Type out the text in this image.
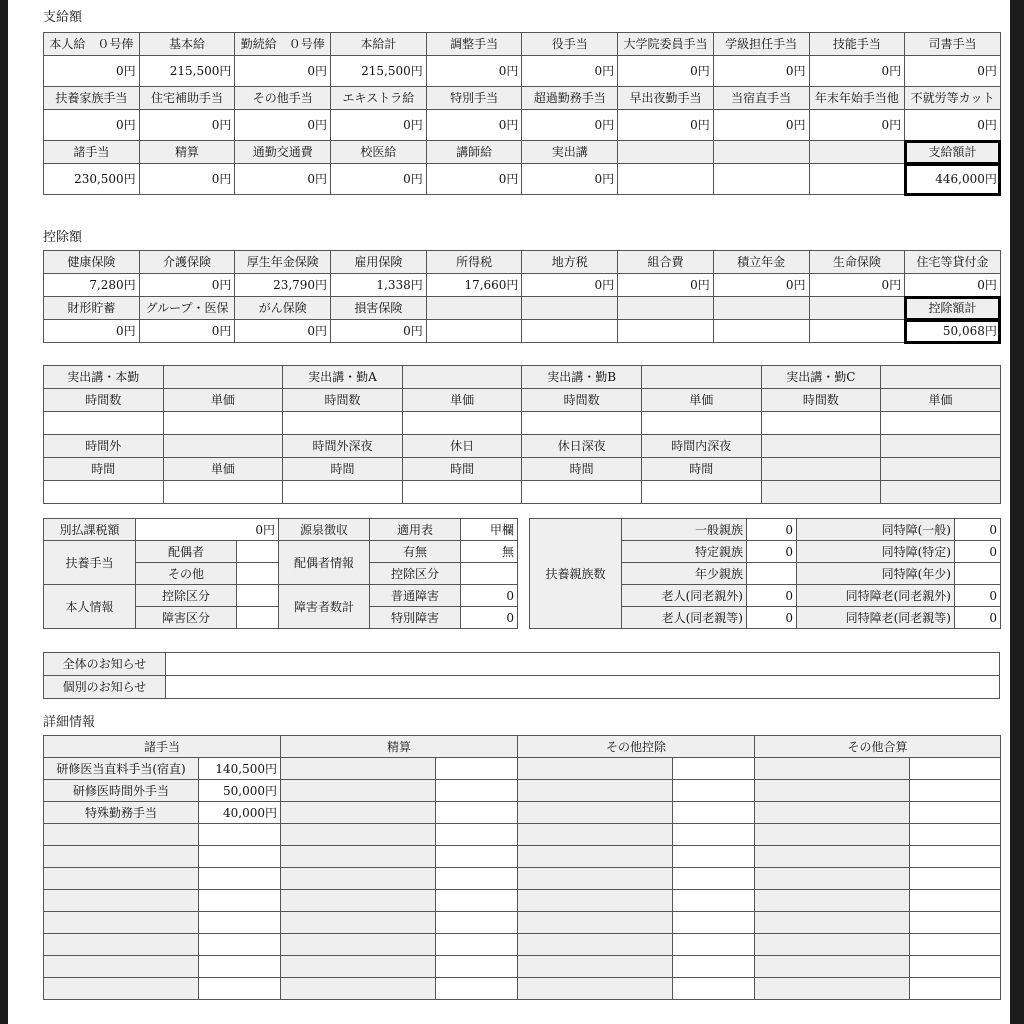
支給額
本人給　０号俸	基本給	勤続給　０号俸	本給計	調整手当	役手当	大学院委員手当	学級担任手当	技能手当	司書手当
0円	215,500円	0円	215,500円	0円	0円	0円	0円	0円	0円
扶養家族手当	住宅補助手当	その他手当	エキストラ給	特別手当	超過勤務手当	早出夜勤手当	当宿直手当	年末年始手当他	不就労等カット
0円	0円	0円	0円	0円	0円	0円	0円	0円	0円
諸手当	精算	通勤交通費	校医給	講師給	実出講				支給額計
230,500円	0円	0円	0円	0円	0円				446,000円
控除額
健康保険	介護保険	厚生年金保険	雇用保険	所得税	地方税	組合費	積立年金	生命保険	住宅等貸付金
7,280円	0円	23,790円	1,338円	17,660円	0円	0円	0円	0円	0円
財形貯蓄	グループ・医保	がん保険	損害保険						控除額計
0円	0円	0円	0円						50,068円
実出講・本勤		実出講・勤A		実出講・勤B		実出講・勤C	
時間数	単価	時間数	単価	時間数	単価	時間数	単価

時間外		時間外深夜	休日	休日深夜	時間内深夜		
時間	単価	時間	時間	時間	時間		

別払課税額	0円		源泉徴収	適用表	甲欄
扶養手当	配偶者		配偶者情報	有無	無
	その他			控除区分	
本人情報	控除区分		障害者数計	普通障害	0
	障害区分			特別障害	0
扶養親族数	一般親族	0	同特障(一般)	0
	特定親族	0	同特障(特定)	0
	年少親族		同特障(年少)	
	老人(同老親外)	0	同特障老(同老親外)	0
	老人(同老親等)	0	同特障老(同老親等)	0
全体のお知らせ	
個別のお知らせ	
詳細情報
諸手当		精算		その他控除		その他合算	
研修医当直料手当(宿直)	140,500円						
研修医時間外手当	50,000円						
特殊勤務手当	40,000円						
